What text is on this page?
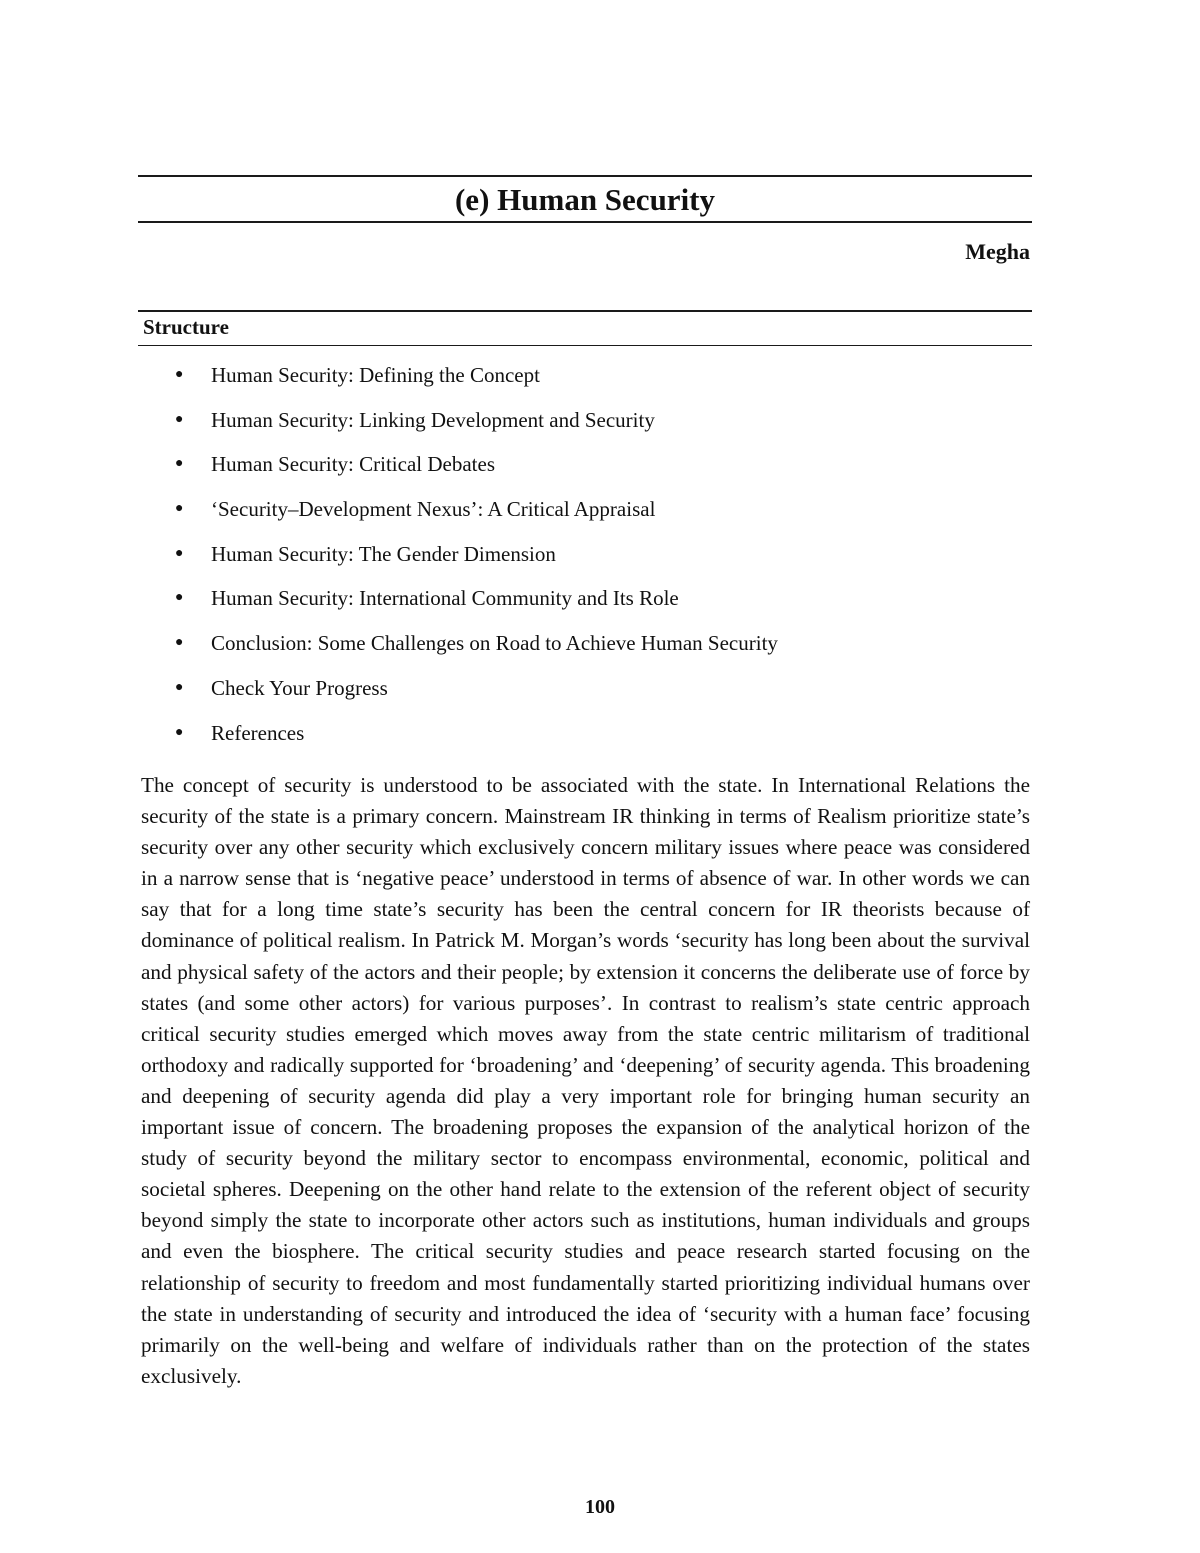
(e) Human Security
Megha
Structure
●	Human Security: Defining the Concept
●	Human Security: Linking Development and Security
●	Human Security: Critical Debates
●	‘Security–Development Nexus’: A Critical Appraisal
●	Human Security: The Gender Dimension
●	Human Security: International Community and Its Role
●	Conclusion: Some Challenges on Road to Achieve Human Security
●	Check Your Progress
●	References

The concept of security is understood to be associated with the state. In International Relations the security of the state is a primary concern. Mainstream IR thinking in terms of Realism prioritize state’s security over any other security which exclusively concern military issues where peace was considered in a narrow sense that is ‘negative peace’ understood in terms of absence of war. In other words we can say that for a long time state’s security has been the central concern for IR theorists because of dominance of political realism. In Patrick M. Morgan’s words ‘security has long been about the survival and physical safety of the actors and their people; by extension it concerns the deliberate use of force by states (and some other actors) for various purposes’. In contrast to realism’s state centric approach critical security studies emerged which moves away from the state centric militarism of traditional orthodoxy and radically supported for ‘broadening’ and ‘deepening’ of security agenda. This broadening and deepening of security agenda did play a very important role for bringing human security an important issue of concern. The broadening proposes the expansion of the analytical horizon of the study of security beyond the military sector to encompass environmental, economic, political and societal spheres. Deepening on the other hand relate to the extension of the referent object of security beyond simply the state to incorporate other actors such as institutions, human individuals and groups and even the biosphere. The critical security studies and peace research started focusing on the relationship of security to freedom and most fundamentally started prioritizing individual humans over the state in understanding of security and introduced the idea of ‘security with a human face’ focusing primarily on the well-being and welfare of individuals rather than on the protection of the states exclusively.

100
